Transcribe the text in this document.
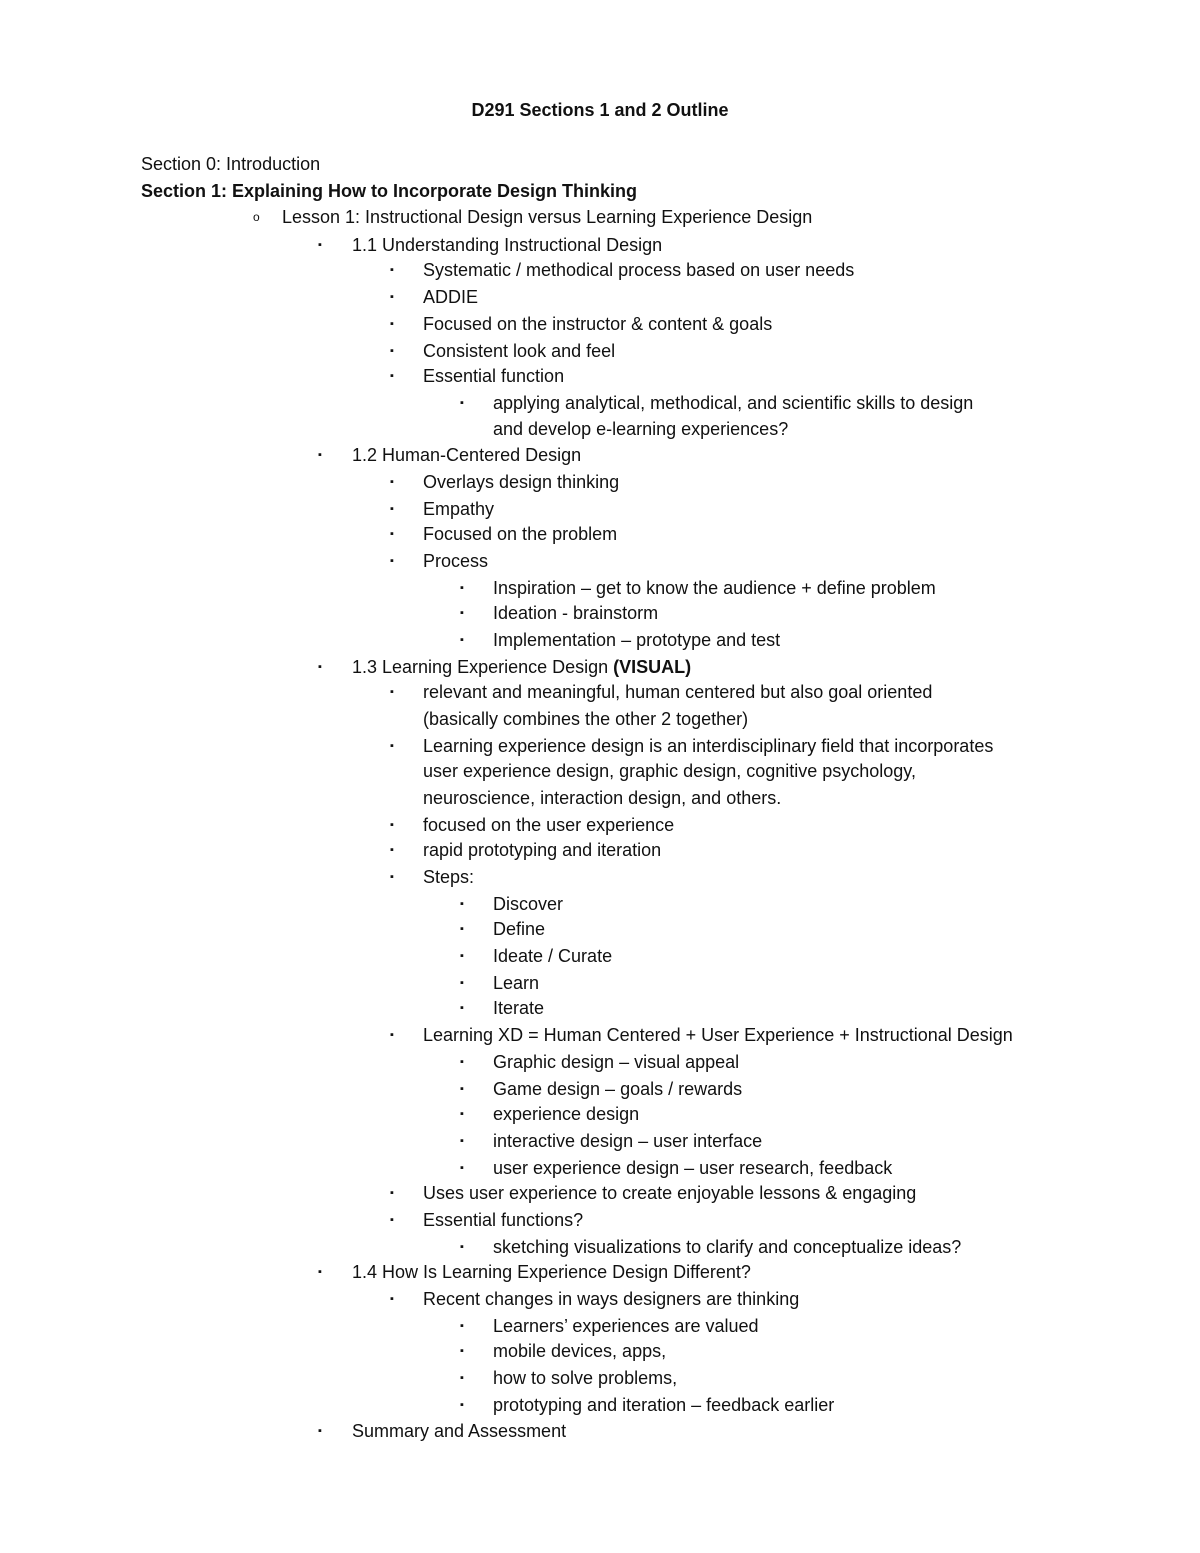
D291 Sections 1 and 2 Outline
Section 0: Introduction
Section 1: Explaining How to Incorporate Design Thinking
o Lesson 1: Instructional Design versus Learning Experience Design
▪ 1.1 Understanding Instructional Design
▪ Systematic / methodical process based on user needs
▪ ADDIE
▪ Focused on the instructor & content & goals
▪ Consistent look and feel
▪ Essential function
▪ applying analytical, methodical, and scientific skills to design
and develop e-learning experiences?
▪ 1.2 Human-Centered Design
▪ Overlays design thinking
▪ Empathy
▪ Focused on the problem
▪ Process
▪ Inspiration – get to know the audience + define problem
▪ Ideation - brainstorm
▪ Implementation – prototype and test
▪ 1.3 Learning Experience Design(VISUAL)
▪ relevant and meaningful, human centered but also goal oriented
(basically combines the other 2 together)
▪ Learning experience design is an interdisciplinary field that incorporates
user experience design, graphic design, cognitive psychology,
neuroscience, interaction design, and others.
▪ focused on the user experience
▪ rapid prototyping and iteration
▪ Steps:
▪ Discover
▪ Define
▪ Ideate / Curate
▪ Learn
▪ Iterate
▪ Learning XD = Human Centered + User Experience + Instructional Design
▪ Graphic design – visual appeal
▪ Game design – goals / rewards
▪ experience design
▪ interactive design – user interface
▪ user experience design – user research, feedback
▪ Uses user experience to create enjoyable lessons & engaging
▪ Essential functions?
▪ sketching visualizations to clarify and conceptualize ideas?
▪ 1.4 How Is Learning Experience Design Different?
▪ Recent changes in ways designers are thinking
▪ Learners’ experiences are valued
▪ mobile devices, apps,
▪ how to solve problems,
▪ prototyping and iteration – feedback earlier
▪ Summary and Assessment
